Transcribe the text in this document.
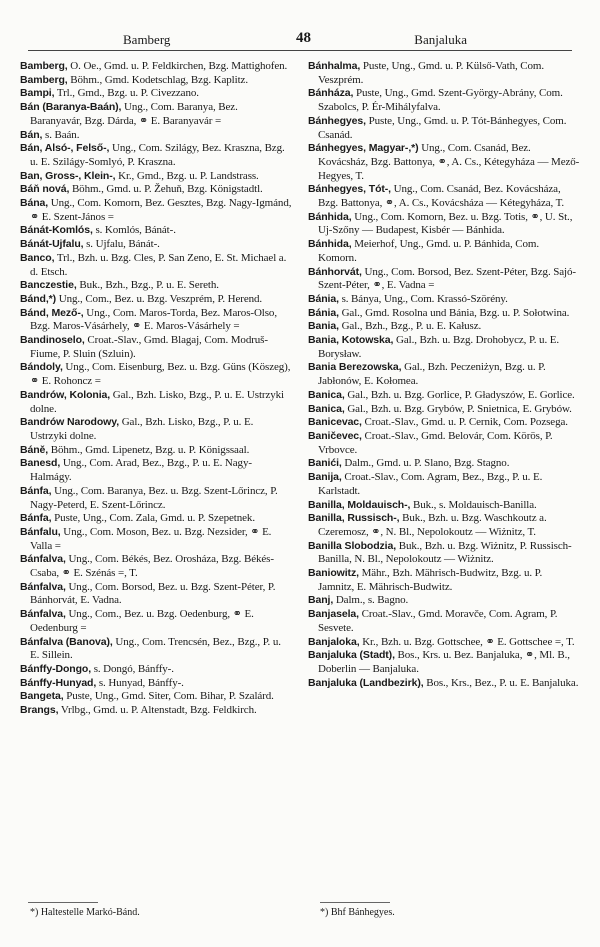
Bamberg	48	Banjaluka

Bamberg, O. Oe., Gmd. u. P. Feldkirchen, Bzg. Mattighofen.

Bamberg, Böhm., Gmd. Kodetschlag, Bzg. Kaplitz.

Bampi, Trl., Gmd., Bzg. u. P. Civezzano.

Bán (Baranya-Baán), Ung., Com. Baranya, Bez. Baranyavár, Bzg. Dárda, ⚭ E. Baranyavár =

Bán, s. Baán.

Bán, Alsó-, Felső-, Ung., Com. Szilágy, Bez. Kraszna, Bzg. u. E. Szilágy-Somlyó, P. Kraszna.

Ban, Gross-, Klein-, Kr., Gmd., Bzg. u. P. Landstrass.

Báň nová, Böhm., Gmd. u. P. Žehuň, Bzg. Königstadtl.

Bána, Ung., Com. Komorn, Bez. Gesztes, Bzg. Nagy-Igmánd, ⚭ E. Szent-János =

Bánát-Komlós, s. Komlós, Bánát-.

Bánát-Ujfalu, s. Ujfalu, Bánát-.

Banco, Trl., Bzh. u. Bzg. Cles, P. San Zeno, E. St. Michael a. d. Etsch.

Banczestie, Buk., Bzh., Bzg., P. u. E. Sereth.

Bánd,*) Ung., Com., Bez. u. Bzg. Veszprém, P. Herend.

Bánd, Mező-, Ung., Com. Maros-Torda, Bez. Maros-Olso, Bzg. Maros-Vásárhely, ⚭ E. Maros-Vásárhely =

Bandinoselo, Croat.-Slav., Gmd. Blagaj, Com. Modruš-Fiume, P. Sluin (Szluin).

Bándoly, Ung., Com. Eisenburg, Bez. u. Bzg. Güns (Köszeg), ⚭ E. Rohoncz =

Bandrów, Kolonia, Gal., Bzh. Lisko, Bzg., P. u. E. Ustrzyki dolne.

Bandrów Narodowy, Gal., Bzh. Lisko, Bzg., P. u. E. Ustrzyki dolne.

Báně, Böhm., Gmd. Lipenetz, Bzg. u. P. Königssaal.

Banesd, Ung., Com. Arad, Bez., Bzg., P. u. E. Nagy-Halmágy.

Bánfa, Ung., Com. Baranya, Bez. u. Bzg. Szent-Lőrincz, P. Nagy-Peterd, E. Szent-Lőrincz.

Bánfa, Puste, Ung., Com. Zala, Gmd. u. P. Szepetnek.

Bánfalu, Ung., Com. Moson, Bez. u. Bzg. Nezsider, ⚭ E. Valla =

Bánfalva, Ung., Com. Békés, Bez. Orosháza, Bzg. Békés-Csaba, ⚭ E. Szénás =, T.

Bánfalva, Ung., Com. Borsod, Bez. u. Bzg. Szent-Péter, P. Bánhorvát, E. Vadna.

Bánfalva, Ung., Com., Bez. u. Bzg. Oedenburg, ⚭ E. Oedenburg =

Bánfalva (Banova), Ung., Com. Trencsén, Bez., Bzg., P. u. E. Sillein.

Bánffy-Dongo, s. Dongó, Bánffy-.

Bánffy-Hunyad, s. Hunyad, Bánffy-.

Bangeta, Puste, Ung., Gmd. Siter, Com. Bihar, P. Szalárd.

Brangs, Vrlbg., Gmd. u. P. Altenstadt, Bzg. Feldkirch.

Bánhalma, Puste, Ung., Gmd. u. P. Külső-Vath, Com. Veszprém.

Bánháza, Puste, Ung., Gmd. Szent-György-Abrány, Com. Szabolcs, P. Ér-Mihályfalva.

Bánhegyes, Puste, Ung., Gmd. u. P. Tót-Bánhegyes, Com. Csanád.

Bánhegyes, Magyar-,*) Ung., Com. Csanád, Bez. Kovácsház, Bzg. Battonya, ⚭, A. Cs., Kétegyháza — Mező-Hegyes, T.

Bánhegyes, Tót-, Ung., Com. Csanád, Bez. Kovácsháza, Bzg. Battonya, ⚭, A. Cs., Kovácsháza — Kétegyháza, T.

Bánhida, Ung., Com. Komorn, Bez. u. Bzg. Totis, ⚭, U. St., Uj-Szőny — Budapest, Kisbér — Bánhida.

Bánhida, Meierhof, Ung., Gmd. u. P. Bánhida, Com. Komorn.

Bánhorvát, Ung., Com. Borsod, Bez. Szent-Péter, Bzg. Sajó-Szent-Péter, ⚭, E. Vadna =

Bánia, s. Bánya, Ung., Com. Krassó-Szörény.

Bánia, Gal., Gmd. Rosolna und Bánia, Bzg. u. P. Sołotwina.

Bania, Gal., Bzh., Bzg., P. u. E. Kałusz.

Bania, Kotowska, Gal., Bzh. u. Bzg. Drohobycz, P. u. E. Borysław.

Bania Berezowska, Gal., Bzh. Peczeniżyn, Bzg. u. P. Jabłonów, E. Kołomea.

Banica, Gal., Bzh. u. Bzg. Gorlice, P. Gładyszów, E. Gorlice.

Banica, Gal., Bzh. u. Bzg. Grybów, P. Snietnica, E. Grybów.

Banicevac, Croat.-Slav., Gmd. u. P. Cernik, Com. Pozsega.

Baničevec, Croat.-Slav., Gmd. Belovár, Com. Körös, P. Vrbovce.

Banići, Dalm., Gmd. u. P. Slano, Bzg. Stagno.

Banija, Croat.-Slav., Com. Agram, Bez., Bzg., P. u. E. Karlstadt.

Banilla, Moldauisch-, Buk., s. Moldauisch-Banilla.

Banilla, Russisch-, Buk., Bzh. u. Bzg. Waschkoutz a. Czeremosz, ⚭, N. Bl., Nepolokoutz — Wiżnitz, T.

Banilla Slobodzia, Buk., Bzh. u. Bzg. Wiżnitz, P. Russisch-Banilla, N. Bl., Nepolokoutz — Wiżnitz.

Baniowitz, Mähr., Bzh. Mährisch-Budwitz, Bzg. u. P. Jamnitz, E. Mährisch-Budwitz.

Banj, Dalm., s. Bagno.

Banjasela, Croat.-Slav., Gmd. Moravče, Com. Agram, P. Sesvete.

Banjaloka, Kr., Bzh. u. Bzg. Gottschee, ⚭ E. Gottschee =, T.

Banjaluka (Stadt), Bos., Krs. u. Bez. Banjaluka, ⚭, Ml. B., Doberlin — Banjaluka.

Banjaluka (Landbezirk), Bos., Krs., Bez., P. u. E. Banjaluka.

*) Haltestelle Markó-Bánd.	*) Bhf Bánhegyes.
